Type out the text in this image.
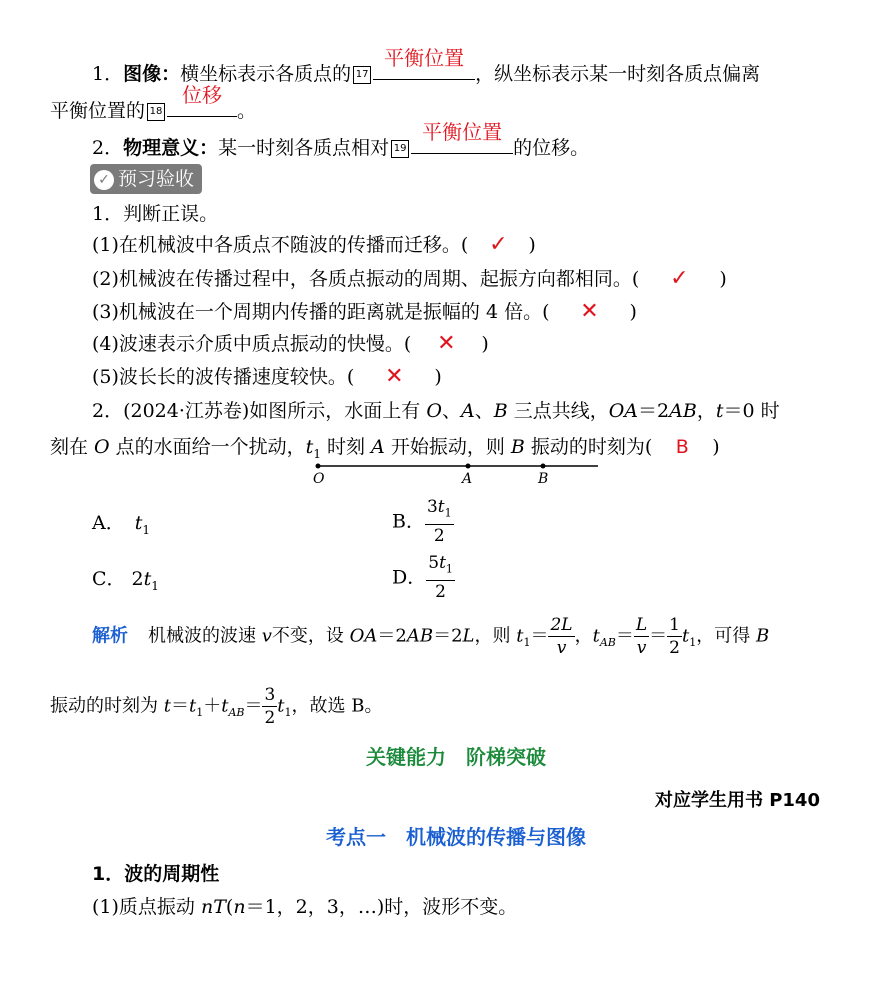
1．图像：横坐标表示各质点的 17
平衡位置
，纵坐标表示某一时刻各质点偏离
平衡位置的 18
位移
。
2．物理意义：某一时刻各质点相对 19
平衡位置
的位移。
✓ 预习验收
1．判断正误。
(1)在机械波中各质点不随波的传播而迁移。( ✓ )
(2)机械波在传播过程中，各质点振动的周期、起振方向都相同。( ✓ )
(3)机械波在一个周期内传播的距离就是振幅的 4 倍。( ✕ )
(4)波速表示介质中质点振动的快慢。( ✕ )
(5)波长长的波传播速度较快。( ✕ )
2．(2024·江苏卷)如图所示，水面上有 O、A、B 三点共线，OA＝2AB，t＝0 时
刻在 O 点的水面给一个扰动，$t_1$ 时刻 A 开始振动，则 B 振动的时刻为( B )
O	A	B
A． $t_1$	B． $\frac{3t_1}{2}$
C． $2t_1$	D． $\frac{5t_1}{2}$
解析 机械波的波速 v不变，设 OA＝2AB＝2L，则 $t_1= \frac{2L}{v}$ ，$t_{AB}= \frac{L}{v} = \frac{1}{2} t_1$，可得 B
振动的时刻为 $t=t_1+t_{AB}= \frac{3}{2} t_1$，故选 B。
关键能力　阶梯突破
对应学生用书 P140
考点一　机械波的传播与图像
1．波的周期性
(1)质点振动 nT(n＝1，2，3，…)时，波形不变。
